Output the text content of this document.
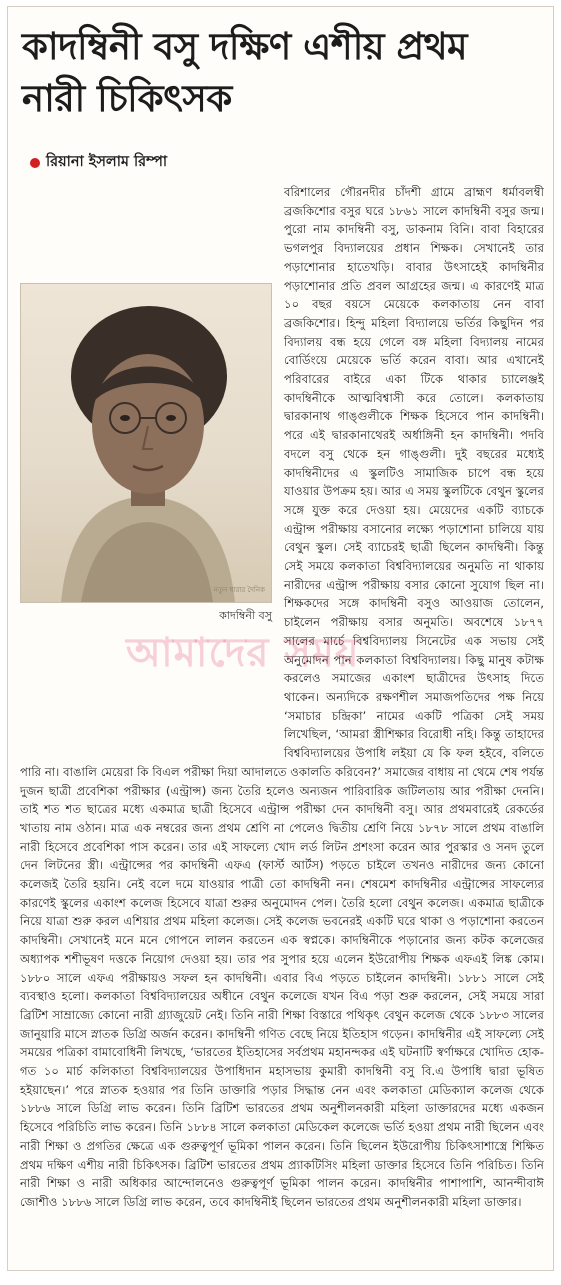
কাদম্বিনী বসু দক্ষিণ এশীয় প্রথম নারী চিকিৎসক
রিয়ানা ইসলাম রিম্পা
নতুন ধারার দৈনিক
কাদম্বিনী বসু

বরিশালের গৌরনদীর চাঁদশী গ্রামে ব্রাহ্মণ ধর্মাবলম্বী ব্রজকিশোর বসুর ঘরে ১৮৬১ সালে কাদম্বিনী বসুর জন্ম। পুরো নাম কাদম্বিনী বসু, ডাকনাম বিনি। বাবা বিহারের ভগলপুর বিদ্যালয়ের প্রধান শিক্ষক। সেখানেই তার পড়াশোনার হাতেখড়ি। বাবার উৎসাহেই কাদম্বিনীর পড়াশোনার প্রতি প্রবল আগ্রহের জন্ম। এ কারণেই মাত্র ১০ বছর বয়সে মেয়েকে কলকাতায় নেন বাবা ব্রজকিশোর। হিন্দু মহিলা বিদ্যালয়ে ভর্তির কিছুদিন পর বিদ্যালয় বন্ধ হয়ে গেলে বঙ্গ মহিলা বিদ্যালয় নামের বোর্ডিংয়ে মেয়েকে ভর্তি করেন বাবা। আর এখানেই পরিবারের বাইরে একা টিকে থাকার চ্যালেঞ্জই কাদম্বিনীকে আত্মবিশ্বাসী করে তোলে। কলকাতায় দ্বারকানাথ গাঙ্গুলীকে শিক্ষক হিসেবে পান কাদম্বিনী। পরে এই দ্বারকানাথেরই অর্ধাঙ্গিনী হন কাদম্বিনী। পদবি বদলে বসু থেকে হন গাঙ্গুলী। দুই বছরের মধ্যেই কাদম্বিনীদের এ স্কুলটিও সামাজিক চাপে বন্ধ হয়ে যাওয়ার উপক্রম হয়। আর এ সময় স্কুলটিকে বেথুন স্কুলের সঙ্গে যুক্ত করে দেওয়া হয়। মেয়েদের একটি ব্যাচকে এন্ট্রান্স পরীক্ষায় বসানোর লক্ষ্যে পড়াশোনা চালিয়ে যায় বেথুন স্কুল। সেই ব্যাচেরই ছাত্রী ছিলেন কাদম্বিনী। কিন্তু সেই সময়ে কলকাতা বিশ্ববিদ্যালয়ের অনুমতি না থাকায় নারীদের এন্ট্রান্স পরীক্ষায় বসার কোনো সুযোগ ছিল না। শিক্ষকদের সঙ্গে কাদম্বিনী বসুও আওয়াজ তোলেন, চাইলেন পরীক্ষায় বসার অনুমতি। অবশেষে ১৮৭৭ সালের মার্চে বিশ্ববিদ্যালয় সিনেটের এক সভায় সেই অনুমোদন পান কলকাতা বিশ্ববিদ্যালয়। কিছু মানুষ কটাক্ষ করলেও সমাজের একাংশ ছাত্রীদের উৎসাহ দিতে থাকেন। অন্যদিকে রক্ষণশীল সমাজপতিদের পক্ষ নিয়ে ‘সমাচার চন্দ্রিকা’ নামের একটি পত্রিকা সেই সময় লিখেছিল, ‘আমরা স্ত্রীশিক্ষার বিরোধী নহি। কিন্তু তাহাদের বিশ্ববিদ্যালয়ের উপাধি লইয়া যে কি ফল হইবে, বলিতে পারি না। বাঙালি মেয়েরা কি বিএল পরীক্ষা দিয়া আদালতে ওকালতি করিবেন?’ সমাজের বাধায় না থেমে শেষ পর্যন্ত দুজন ছাত্রী প্রবেশিকা পরীক্ষার (এন্ট্রান্স) জন্য তৈরি হলেও অন্যজন পারিবারিক জটিলতায় আর পরীক্ষা দেননি। তাই শত শত ছাত্রের মধ্যে একমাত্র ছাত্রী হিসেবে এন্ট্রান্স পরীক্ষা দেন কাদম্বিনী বসু। আর প্রথমবারেই রেকর্ডের খাতায় নাম ওঠান। মাত্র এক নম্বরের জন্য প্রথম শ্রেণি না পেলেও দ্বিতীয় শ্রেণি নিয়ে ১৮৭৮ সালে প্রথম বাঙালি নারী হিসেবে প্রবেশিকা পাস করেন। তার এই সাফল্যে খোদ লর্ড লিটন প্রশংসা করেন আর পুরস্কার ও সনদ তুলে দেন লিটনের স্ত্রী। এন্ট্রান্সের পর কাদম্বিনী এফএ (ফার্স্ট আর্টস) পড়তে চাইলে তখনও নারীদের জন্য কোনো কলেজই তৈরি হয়নি। নেই বলে দমে যাওয়ার পাত্রী তো কাদম্বিনী নন। শেষমেশ কাদম্বিনীর এন্ট্রান্সের সাফল্যের কারণেই স্কুলের একাংশ কলেজ হিসেবে যাত্রা শুরুর অনুমোদন পেল। তৈরি হলো বেথুন কলেজ। একমাত্র ছাত্রীকে নিয়ে যাত্রা শুরু করল এশিয়ার প্রথম মহিলা কলেজ। সেই কলেজ ভবনেরই একটি ঘরে থাকা ও পড়াশোনা করতেন কাদম্বিনী। সেখানেই মনে মনে গোপনে লালন করতেন এক স্বপ্নকে। কাদম্বিনীকে পড়ানোর জন্য কটক কলেজের অধ্যাপক শশীভূষণ দত্তকে নিয়োগ দেওয়া হয়। তার পর সুপার হয়ে এলেন ইউরোপীয় শিক্ষক এফএই লিঙ্ক কোম। ১৮৮০ সালে এফএ পরীক্ষায়ও সফল হন কাদম্বিনী। এবার বিএ পড়তে চাইলেন কাদম্বিনী। ১৮৮১ সালে সেই ব্যবস্থাও হলো। কলকাতা বিশ্ববিদ্যালয়ের অধীনে বেথুন কলেজে যখন বিএ পড়া শুরু করলেন, সেই সময়ে সারা ব্রিটিশ সাম্রাজ্যে কোনো নারী গ্র্যাজুয়েট নেই। তিনি নারী শিক্ষা বিস্তারে পথিকৃৎ বেথুন কলেজ থেকে ১৮৮৩ সালের জানুয়ারি মাসে স্নাতক ডিগ্রি অর্জন করেন। কাদম্বিনী গণিত বেছে নিয়ে ইতিহাস গড়েন। কাদম্বিনীর এই সাফল্যে সেই সময়ের পত্রিকা বামাবোধিনী লিখছে, ‘ভারতের ইতিহাসের সর্বপ্রথম মহানন্দকর এই ঘটনাটি স্বর্ণাক্ষরে খোদিত হোক- গত ১০ মার্চ কলিকাতা বিশ্ববিদ্যালয়ের উপাধিদান মহাসভায় কুমারী কাদম্বিনী বসু বি.এ উপাধি দ্বারা ভূষিত হইয়াছেন।’ পরে স্নাতক হওয়ার পর তিনি ডাক্তারি পড়ার সিদ্ধান্ত নেন এবং কলকাতা মেডিক্যাল কলেজ থেকে ১৮৮৬ সালে ডিগ্রি লাভ করেন। তিনি ব্রিটিশ ভারতের প্রথম অনুশীলনকারী মহিলা ডাক্তারদের মধ্যে একজন হিসেবে পরিচিতি লাভ করেন। তিনি ১৮৮৪ সালে কলকাতা মেডিকেল কলেজে ভর্তি হওয়া প্রথম নারী ছিলেন এবং নারী শিক্ষা ও প্রগতির ক্ষেত্রে এক গুরুত্বপূর্ণ ভূমিকা পালন করেন। তিনি ছিলেন ইউরোপীয় চিকিৎসাশাস্ত্রে শিক্ষিত প্রথম দক্ষিণ এশীয় নারী চিকিৎসক। ব্রিটিশ ভারতের প্রথম প্র্যাকটিসিং মহিলা ডাক্তার হিসেবে তিনি পরিচিত। তিনি নারী শিক্ষা ও নারী অধিকার আন্দোলনেও গুরুত্বপূর্ণ ভূমিকা পালন করেন। কাদম্বিনীর পাশাপাশি, আনন্দীবাঈ জোশীও ১৮৮৬ সালে ডিগ্রি লাভ করেন, তবে কাদম্বিনীই ছিলেন ভারতের প্রথম অনুশীলনকারী মহিলা ডাক্তার।

আমাদের সময়
